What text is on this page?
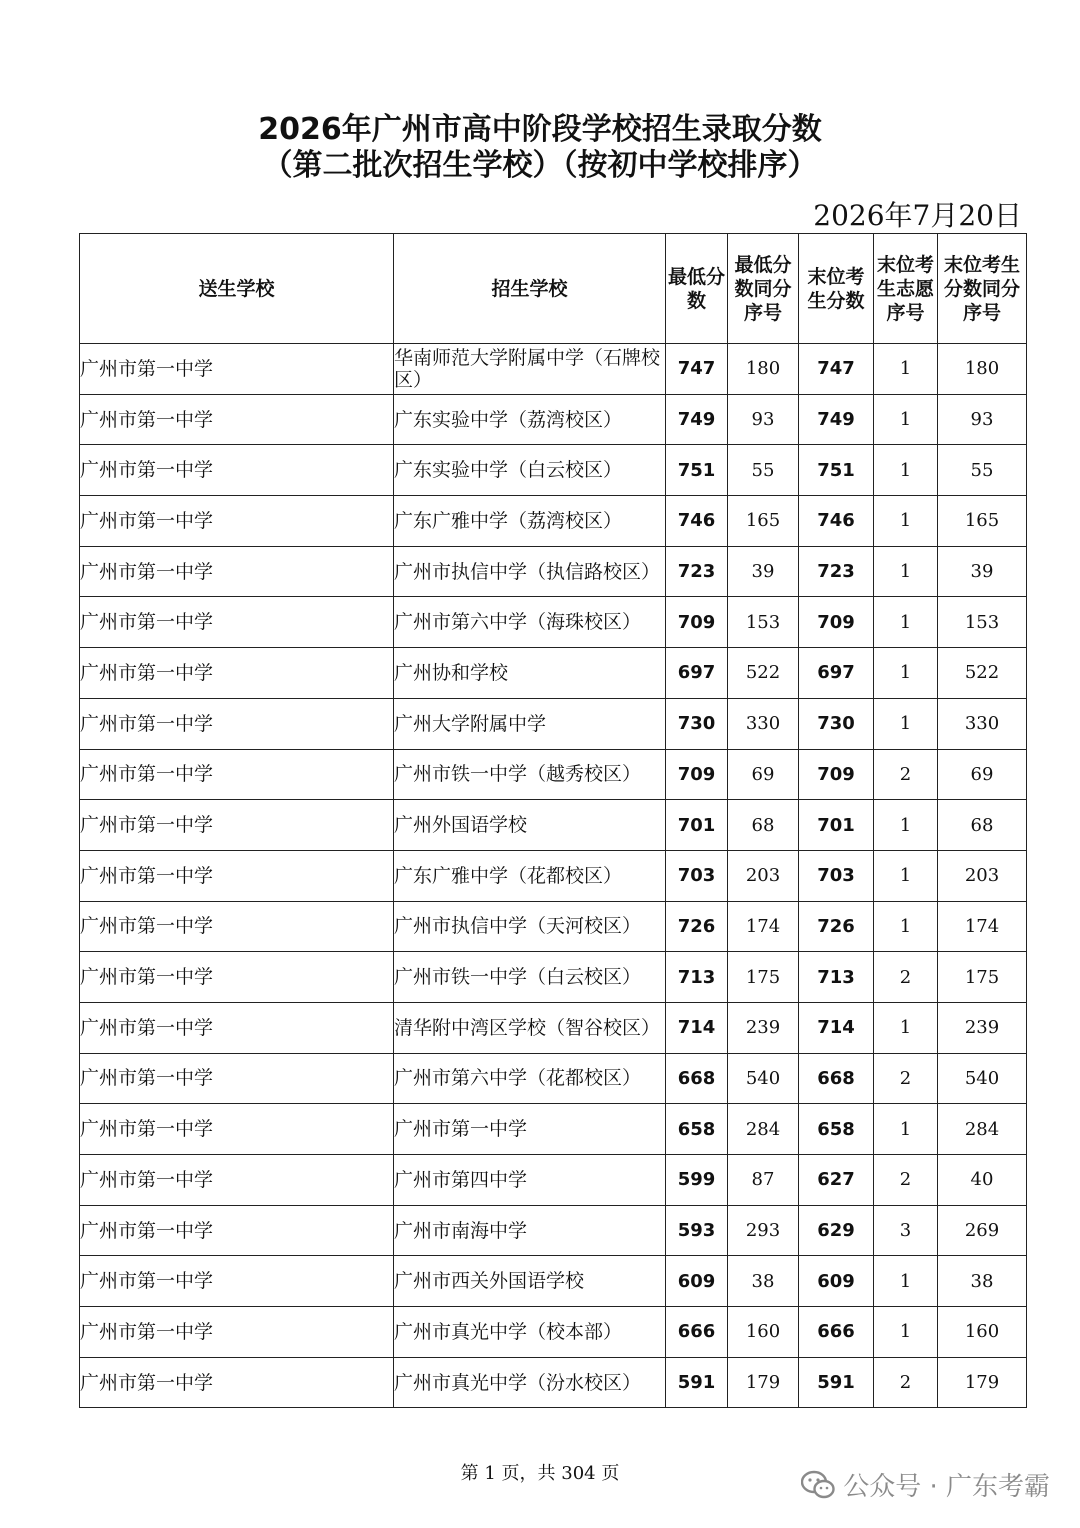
2026年广州市高中阶段学校招生录取分数
（第二批次招生学校）（按初中学校排序）
2026年7月20日
送生学校	招生学校	最低分数	最低分数同分序号	末位考生分数	末位考生志愿序号	末位考生分数同分序号
广州市第一中学	华南师范大学附属中学（石牌校区）	747	180	747	1	180
广州市第一中学	广东实验中学（荔湾校区）	749	93	749	1	93
广州市第一中学	广东实验中学（白云校区）	751	55	751	1	55
广州市第一中学	广东广雅中学（荔湾校区）	746	165	746	1	165
广州市第一中学	广州市执信中学（执信路校区）	723	39	723	1	39
广州市第一中学	广州市第六中学（海珠校区）	709	153	709	1	153
广州市第一中学	广州协和学校	697	522	697	1	522
广州市第一中学	广州大学附属中学	730	330	730	1	330
广州市第一中学	广州市铁一中学（越秀校区）	709	69	709	2	69
广州市第一中学	广州外国语学校	701	68	701	1	68
广州市第一中学	广东广雅中学（花都校区）	703	203	703	1	203
广州市第一中学	广州市执信中学（天河校区）	726	174	726	1	174
广州市第一中学	广州市铁一中学（白云校区）	713	175	713	2	175
广州市第一中学	清华附中湾区学校（智谷校区）	714	239	714	1	239
广州市第一中学	广州市第六中学（花都校区）	668	540	668	2	540
广州市第一中学	广州市第一中学	658	284	658	1	284
广州市第一中学	广州市第四中学	599	87	627	2	40
广州市第一中学	广州市南海中学	593	293	629	3	269
广州市第一中学	广州市西关外国语学校	609	38	609	1	38
广州市第一中学	广州市真光中学（校本部）	666	160	666	1	160
广州市第一中学	广州市真光中学（汾水校区）	591	179	591	2	179
第 1 页，共 304 页	公众号 · 广东考霸
